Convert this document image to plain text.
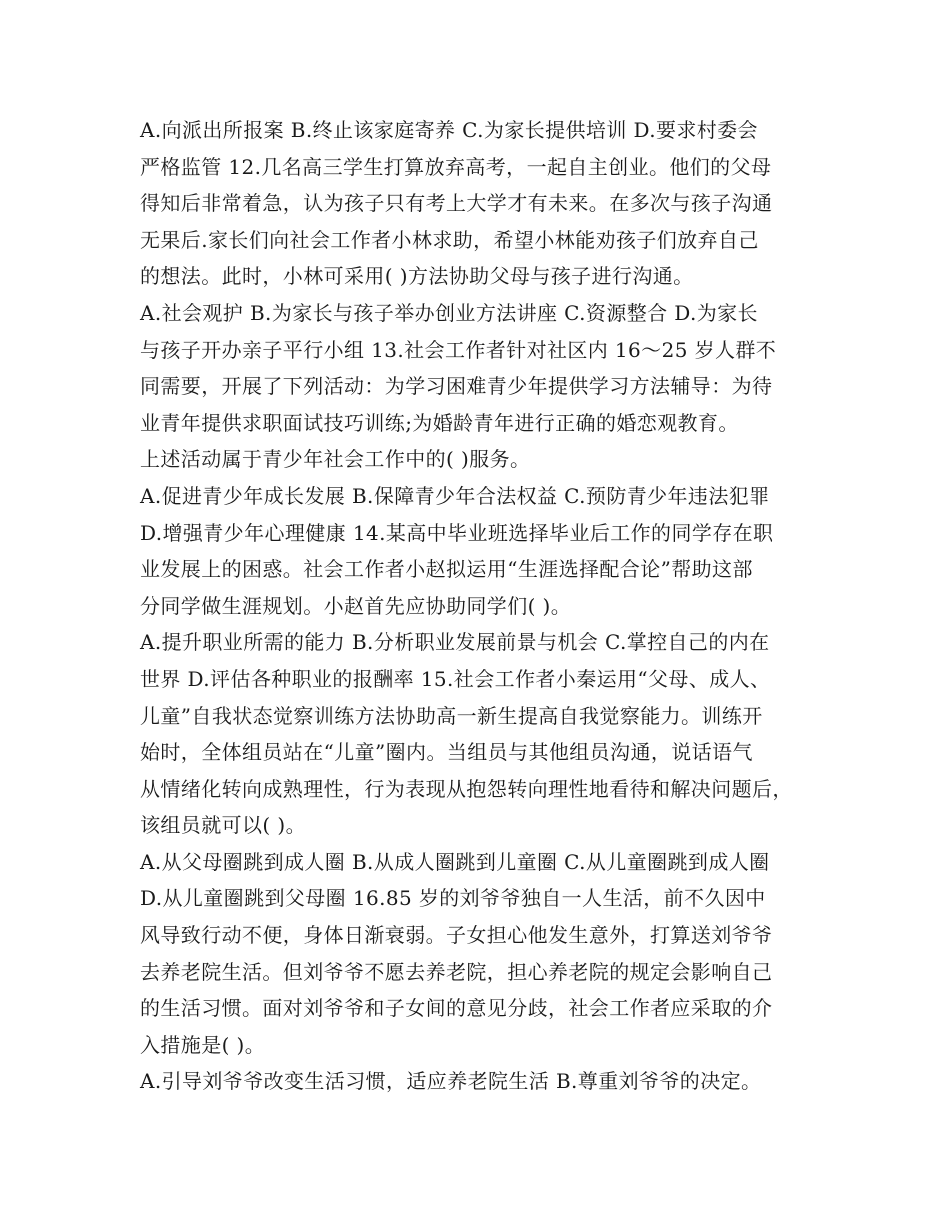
A.向派出所报案 B.终止该家庭寄养 C.为家长提供培训 D.要求村委会
严格监管 12.几名高三学生打算放弃高考，一起自主创业。他们的父母
得知后非常着急，认为孩子只有考上大学才有未来。在多次与孩子沟通
无果后.家长们向社会工作者小林求助，希望小林能劝孩子们放弃自己
的想法。此时，小林可采用( )方法协助父母与孩子进行沟通。
A.社会观护 B.为家长与孩子举办创业方法讲座 C.资源整合 D.为家长
与孩子开办亲子平行小组 13.社会工作者针对社区内 16～25 岁人群不
同需要，开展了下列活动：为学习困难青少年提供学习方法辅导：为待
业青年提供求职面试技巧训练;为婚龄青年进行正确的婚恋观教育。
上述活动属于青少年社会工作中的( )服务。
A.促进青少年成长发展 B.保障青少年合法权益 C.预防青少年违法犯罪
D.增强青少年心理健康 14.某高中毕业班选择毕业后工作的同学存在职
业发展上的困惑。社会工作者小赵拟运用“生涯选择配合论”帮助这部
分同学做生涯规划。小赵首先应协助同学们( )。
A.提升职业所需的能力 B.分析职业发展前景与机会 C.掌控自己的内在
世界 D.评估各种职业的报酬率 15.社会工作者小秦运用“父母、成人、
儿童”自我状态觉察训练方法协助高一新生提高自我觉察能力。训练开
始时，全体组员站在“儿童”圈内。当组员与其他组员沟通，说话语气
从情绪化转向成熟理性，行为表现从抱怨转向理性地看待和解决问题后，
该组员就可以( )。
A.从父母圈跳到成人圈 B.从成人圈跳到儿童圈 C.从儿童圈跳到成人圈
D.从儿童圈跳到父母圈 16.85 岁的刘爷爷独自一人生活，前不久因中
风导致行动不便，身体日渐衰弱。子女担心他发生意外，打算送刘爷爷
去养老院生活。但刘爷爷不愿去养老院，担心养老院的规定会影响自己
的生活习惯。面对刘爷爷和子女间的意见分歧，社会工作者应采取的介
入措施是( )。
A.引导刘爷爷改变生活习惯，适应养老院生活 B.尊重刘爷爷的决定。
